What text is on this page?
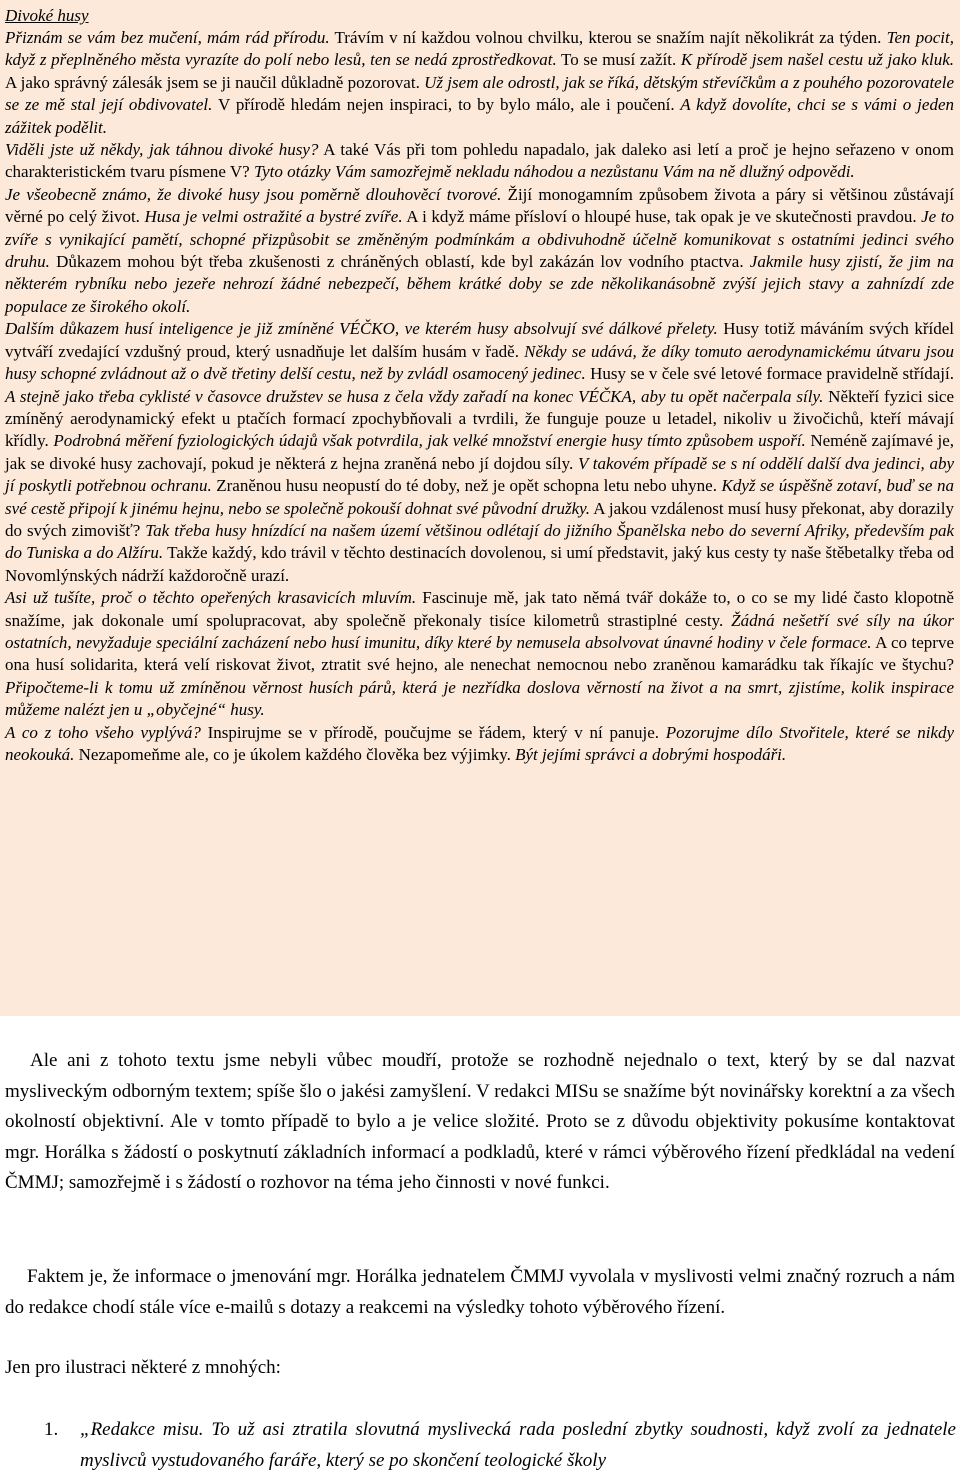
Divoké husy

Přiznám se vám bez mučení, mám rád přírodu. Trávím v ní každou volnou chvilku, kterou se snažím najít několikrát za týden. Ten pocit, když z přeplněného města vyrazíte do polí nebo lesů, ten se nedá zprostředkovat. To se musí zažít. K přírodě jsem našel cestu už jako kluk. A jako správný zálesák jsem se ji naučil důkladně pozorovat. Už jsem ale odrostl, jak se říká, dětským střevíčkům a z pouhého pozorovatele se ze mě stal její obdivovatel. V přírodě hledám nejen inspiraci, to by bylo málo, ale i poučení. A když dovolíte, chci se s vámi o jeden zážitek podělit.

Viděli jste už někdy, jak táhnou divoké husy? A také Vás při tom pohledu napadalo, jak daleko asi letí a proč je hejno seřazeno v onom charakteristickém tvaru písmene V? Tyto otázky Vám samozřejmě nekladu náhodou a nezůstanu Vám na ně dlužný odpovědi.

Je všeobecně známo, že divoké husy jsou poměrně dlouhověcí tvorové. Žijí monogamním způsobem života a páry si většinou zůstávají věrné po celý život. Husa je velmi ostražité a bystré zvíře. A i když máme přísloví o hloupé huse, tak opak je ve skutečnosti pravdou. Je to zvíře s vynikající pamětí, schopné přizpůsobit se změněným podmínkám a obdivuhodně účelně komunikovat s ostatními jedinci svého druhu. Důkazem mohou být třeba zkušenosti z chráněných oblastí, kde byl zakázán lov vodního ptactva. Jakmile husy zjistí, že jim na některém rybníku nebo jezeře nehrozí žádné nebezpečí, během krátké doby se zde několikanásobně zvýší jejich stavy a zahnízdí zde populace ze širokého okolí.

Dalším důkazem husí inteligence je již zmíněné VÉČKO, ve kterém husy absolvují své dálkové přelety. Husy totiž máváním svých křídel vytváří zvedající vzdušný proud, který usnadňuje let dalším husám v řadě. Někdy se udává, že díky tomuto aerodynamickému útvaru jsou husy schopné zvládnout až o dvě třetiny delší cestu, než by zvládl osamocený jedinec. Husy se v čele své letové formace pravidelně střídají. A stejně jako třeba cyklisté v časovce družstev se husa z čela vždy zařadí na konec VÉČKA, aby tu opět načerpala síly. Někteří fyzici sice zmíněný aerodynamický efekt u ptačích formací zpochybňovali a tvrdili, že funguje pouze u letadel, nikoliv u živočichů, kteří mávají křídly. Podrobná měření fyziologických údajů však potvrdila, jak velké množství energie husy tímto způsobem uspoří. Neméně zajímavé je, jak se divoké husy zachovají, pokud je některá z hejna zraněná nebo jí dojdou síly. V takovém případě se s ní oddělí další dva jedinci, aby jí poskytli potřebnou ochranu. Zraněnou husu neopustí do té doby, než je opět schopna letu nebo uhyne. Když se úspěšně zotaví, buď se na své cestě připojí k jinému hejnu, nebo se společně pokouší dohnat své původní družky. A jakou vzdálenost musí husy překonat, aby dorazily do svých zimovišť? Tak třeba husy hnízdící na našem území většinou odlétají do jižního Španělska nebo do severní Afriky, především pak do Tuniska a do Alžíru. Takže každý, kdo trávil v těchto destinacích dovolenou, si umí představit, jaký kus cesty ty naše štěbetalky třeba od Novomlýnských nádrží každoročně urazí.

Asi už tušíte, proč o těchto opeřených krasavicích mluvím. Fascinuje mě, jak tato němá tvář dokáže to, o co se my lidé často klopotně snažíme, jak dokonale umí spolupracovat, aby společně překonaly tisíce kilometrů strastiplné cesty. Žádná nešetří své síly na úkor ostatních, nevyžaduje speciální zacházení nebo husí imunitu, díky které by nemusela absolvovat únavné hodiny v čele formace. A co teprve ona husí solidarita, která velí riskovat život, ztratit své hejno, ale nenechat nemocnou nebo zraněnou kamarádku tak říkajíc ve štychu? Připočteme-li k tomu už zmíněnou věrnost husích párů, která je nezřídka doslova věrností na život a na smrt, zjistíme, kolik inspirace můžeme nalézt jen u „obyčejné“ husy.

A co z toho všeho vyplývá? Inspirujme se v přírodě, poučujme se řádem, který v ní panuje. Pozorujme dílo Stvořitele, které se nikdy neokouká. Nezapomeňme ale, co je úkolem každého člověka bez výjimky. Být jejími správci a dobrými hospodáři.

Ale ani z tohoto textu jsme nebyli vůbec moudří, protože se rozhodně nejednalo o text, který by se dal nazvat mysliveckým odborným textem; spíše šlo o jakési zamyšlení. V redakci MISu se snažíme být novinářsky korektní a za všech okolností objektivní. Ale v tomto případě to bylo a je velice složité. Proto se z důvodu objektivity pokusíme kontaktovat mgr. Horálka s žádostí o poskytnutí základních informací a podkladů, které v rámci výběrového řízení předkládal na vedení ČMMJ; samozřejmě i s žádostí o rozhovor na téma jeho činnosti v nové funkci.

Faktem je, že informace o jmenování mgr. Horálka jednatelem ČMMJ vyvolala v myslivosti velmi značný rozruch a nám do redakce chodí stále více e-mailů s dotazy a reakcemi na výsledky tohoto výběrového řízení.

Jen pro ilustraci některé z mnohých:

1.	„Redakce misu. To už asi ztratila slovutná myslivecká rada poslední zbytky soudnosti, když zvolí za jednatele myslivců vystudovaného faráře, který se po skončení teologické školy
